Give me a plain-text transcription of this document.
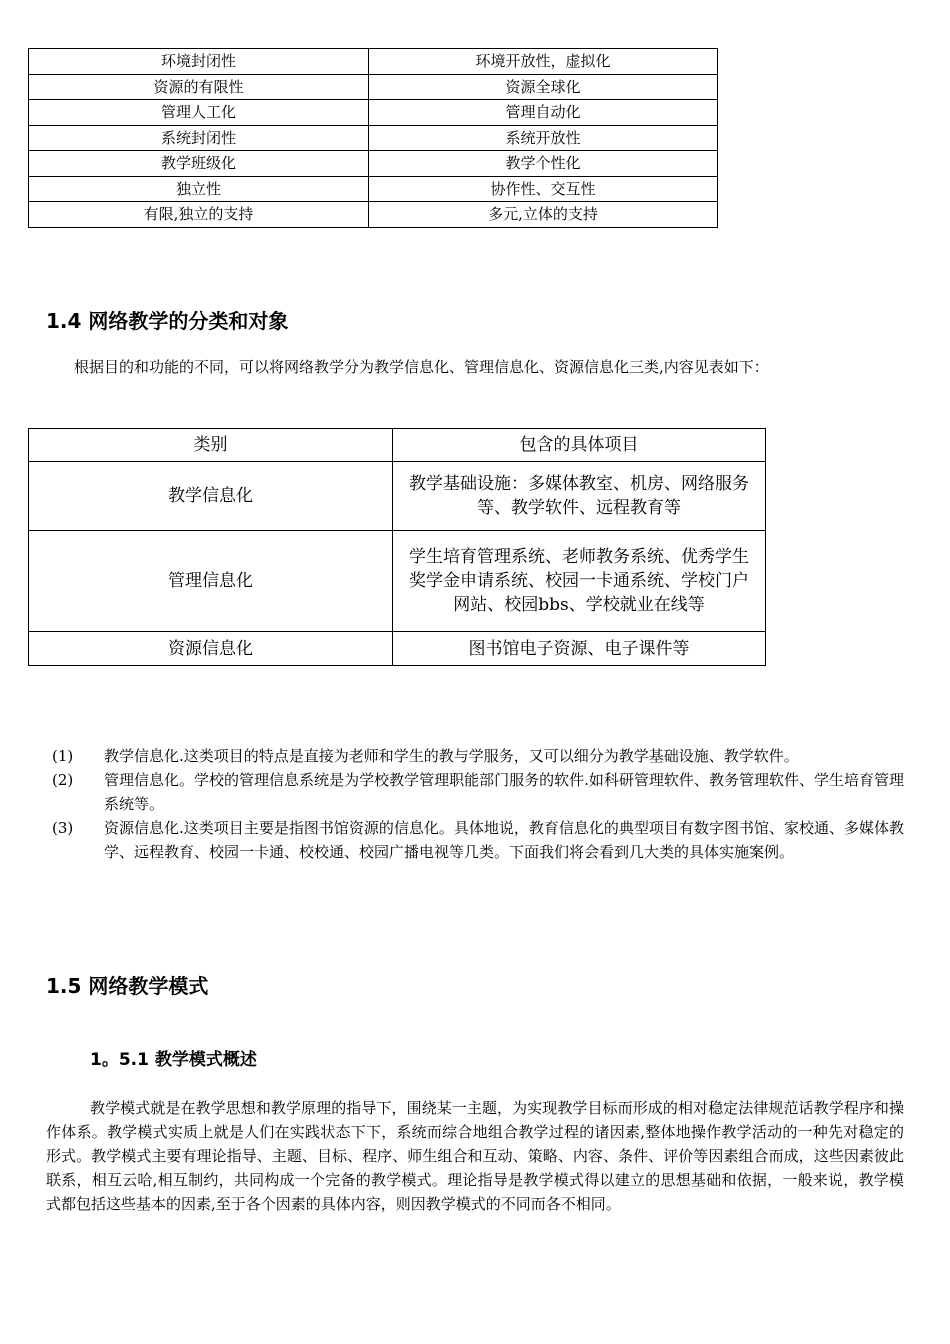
环境封闭性	环境开放性，虚拟化
资源的有限性	资源全球化
管理人工化	管理自动化
系统封闭性	系统开放性
教学班级化	教学个性化
独立性	协作性、交互性
有限,独立的支持	多元,立体的支持
1.4 网络教学的分类和对象

根据目的和功能的不同，可以将网络教学分为教学信息化、管理信息化、资源信息化三类,内容见表如下：

类别	包含的具体项目
教学信息化	教学基础设施：多媒体教室、机房、网络服务等、教学软件、远程教育等
管理信息化	学生培育管理系统、老师教务系统、优秀学生奖学金申请系统、校园一卡通系统、学校门户网站、校园bbs、学校就业在线等
资源信息化	图书馆电子资源、电子课件等
(1) 教学信息化.这类项目的特点是直接为老师和学生的教与学服务，又可以细分为教学基础设施、教学软件。
(2) 管理信息化。学校的管理信息系统是为学校教学管理职能部门服务的软件.如科研管理软件、教务管理软件、学生培育管理系统等。
(3) 资源信息化.这类项目主要是指图书馆资源的信息化。具体地说，教育信息化的典型项目有数字图书馆、家校通、多媒体教学、远程教育、校园一卡通、校校通、校园广播电视等几类。下面我们将会看到几大类的具体实施案例。
1.5 网络教学模式
1。5.1 教学模式概述

教学模式就是在教学思想和教学原理的指导下，围绕某一主题，为实现教学目标而形成的相对稳定法律规范话教学程序和操作体系。教学模式实质上就是人们在实践状态下下，系统而综合地组合教学过程的诸因素,整体地操作教学活动的一种先对稳定的形式。教学模式主要有理论指导、主题、目标、程序、师生组合和互动、策略、内容、条件、评价等因素组合而成，这些因素彼此联系，相互云哈,相互制约，共同构成一个完备的教学模式。理论指导是教学模式得以建立的思想基础和依据，一般来说，教学模式都包括这些基本的因素,至于各个因素的具体内容，则因教学模式的不同而各不相同。
